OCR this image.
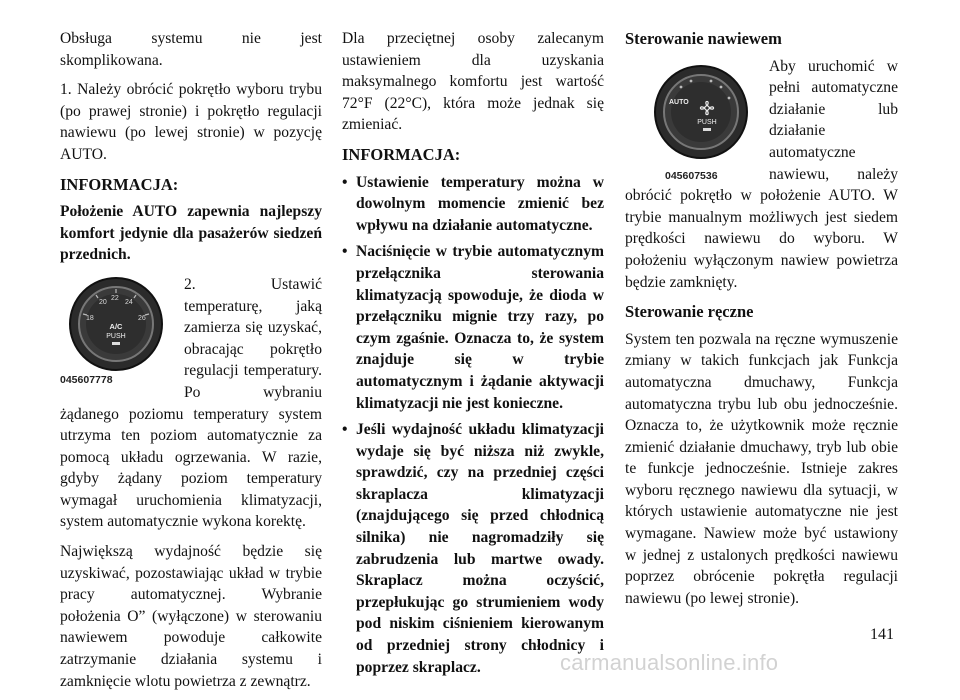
Obsługa systemu nie jest skomplikowana.

1. Należy obrócić pokrętło wyboru trybu (po prawej stronie) i pokrętło regulacji nawiewu (po lewej stronie) w pozycję AUTO.

INFORMACJA:

Położenie AUTO zapewnia najlepszy komfort jedynie dla pasażerów siedzeń przednich.

20
22
24
18	26
A/C
PUSH
045607778

2. Ustawić temperaturę, jaką zamierza się uzyskać, obracając pokrętło regulacji temperatury. Po wybraniu żądanego poziomu temperatury system utrzyma ten poziom automatycznie za pomocą układu ogrzewania. W razie, gdyby żądany poziom temperatury wymagał uruchomienia klimatyzacji, system automatycznie wykona korektę.

Największą wydajność będzie się uzyskiwać, pozostawiając układ w trybie pracy automatycznej. Wybranie położenia O” (wyłączone) w sterowaniu nawiewem powoduje całkowite zatrzymanie działania systemu i zamknięcie wlotu powietrza z zewnątrz.

Dla przeciętnej osoby zalecanym ustawieniem dla uzyskania maksymalnego komfortu jest wartość 72°F (22°C), która może jednak się zmieniać.

INFORMACJA:
• Ustawienie temperatury można w dowolnym momencie zmienić bez wpływu na działanie automatyczne.
• Naciśnięcie w trybie automatycznym przełącznika sterowania klimatyzacją spowoduje, że dioda w przełączniku mignie trzy razy, po czym zgaśnie. Oznacza to, że system znajduje się w trybie automatycznym i żądanie aktywacji klimatyzacji nie jest konieczne.
• Jeśli wydajność układu klimatyzacji wydaje się być niższa niż zwykle, sprawdzić, czy na przedniej części skraplacza klimatyzacji (znajdującego się przed chłodnicą silnika) nie nagromadziły się zabrudzenia lub martwe owady. Skraplacz można oczyścić, przepłukując go strumieniem wody pod niskim ciśnieniem kierowanym od przedniej strony chłodnicy i poprzez skraplacz.
Sterowanie nawiewem
AUTO
PUSH
045607536

Aby uruchomić w pełni automatyczne działanie lub działanie automatyczne nawiewu, należy obrócić pokrętło w położenie AUTO. W trybie manualnym możliwych jest siedem prędkości nawiewu do wyboru. W położeniu wyłączonym nawiew powietrza będzie zamknięty.

Sterowanie ręczne

System ten pozwala na ręczne wymuszenie zmiany w takich funkcjach jak Funkcja automatyczna dmuchawy, Funkcja automatyczna trybu lub obu jednocześnie. Oznacza to, że użytkownik może ręcznie zmienić działanie dmuchawy, tryb lub obie te funkcje jednocześnie. Istnieje zakres wyboru ręcznego nawiewu dla sytuacji, w których ustawienie automatyczne nie jest wymagane. Nawiew może być ustawiony w jednej z ustalonych prędkości nawiewu poprzez obrócenie pokrętła regulacji nawiewu (po lewej stronie).

141
carmanualsonline.info
